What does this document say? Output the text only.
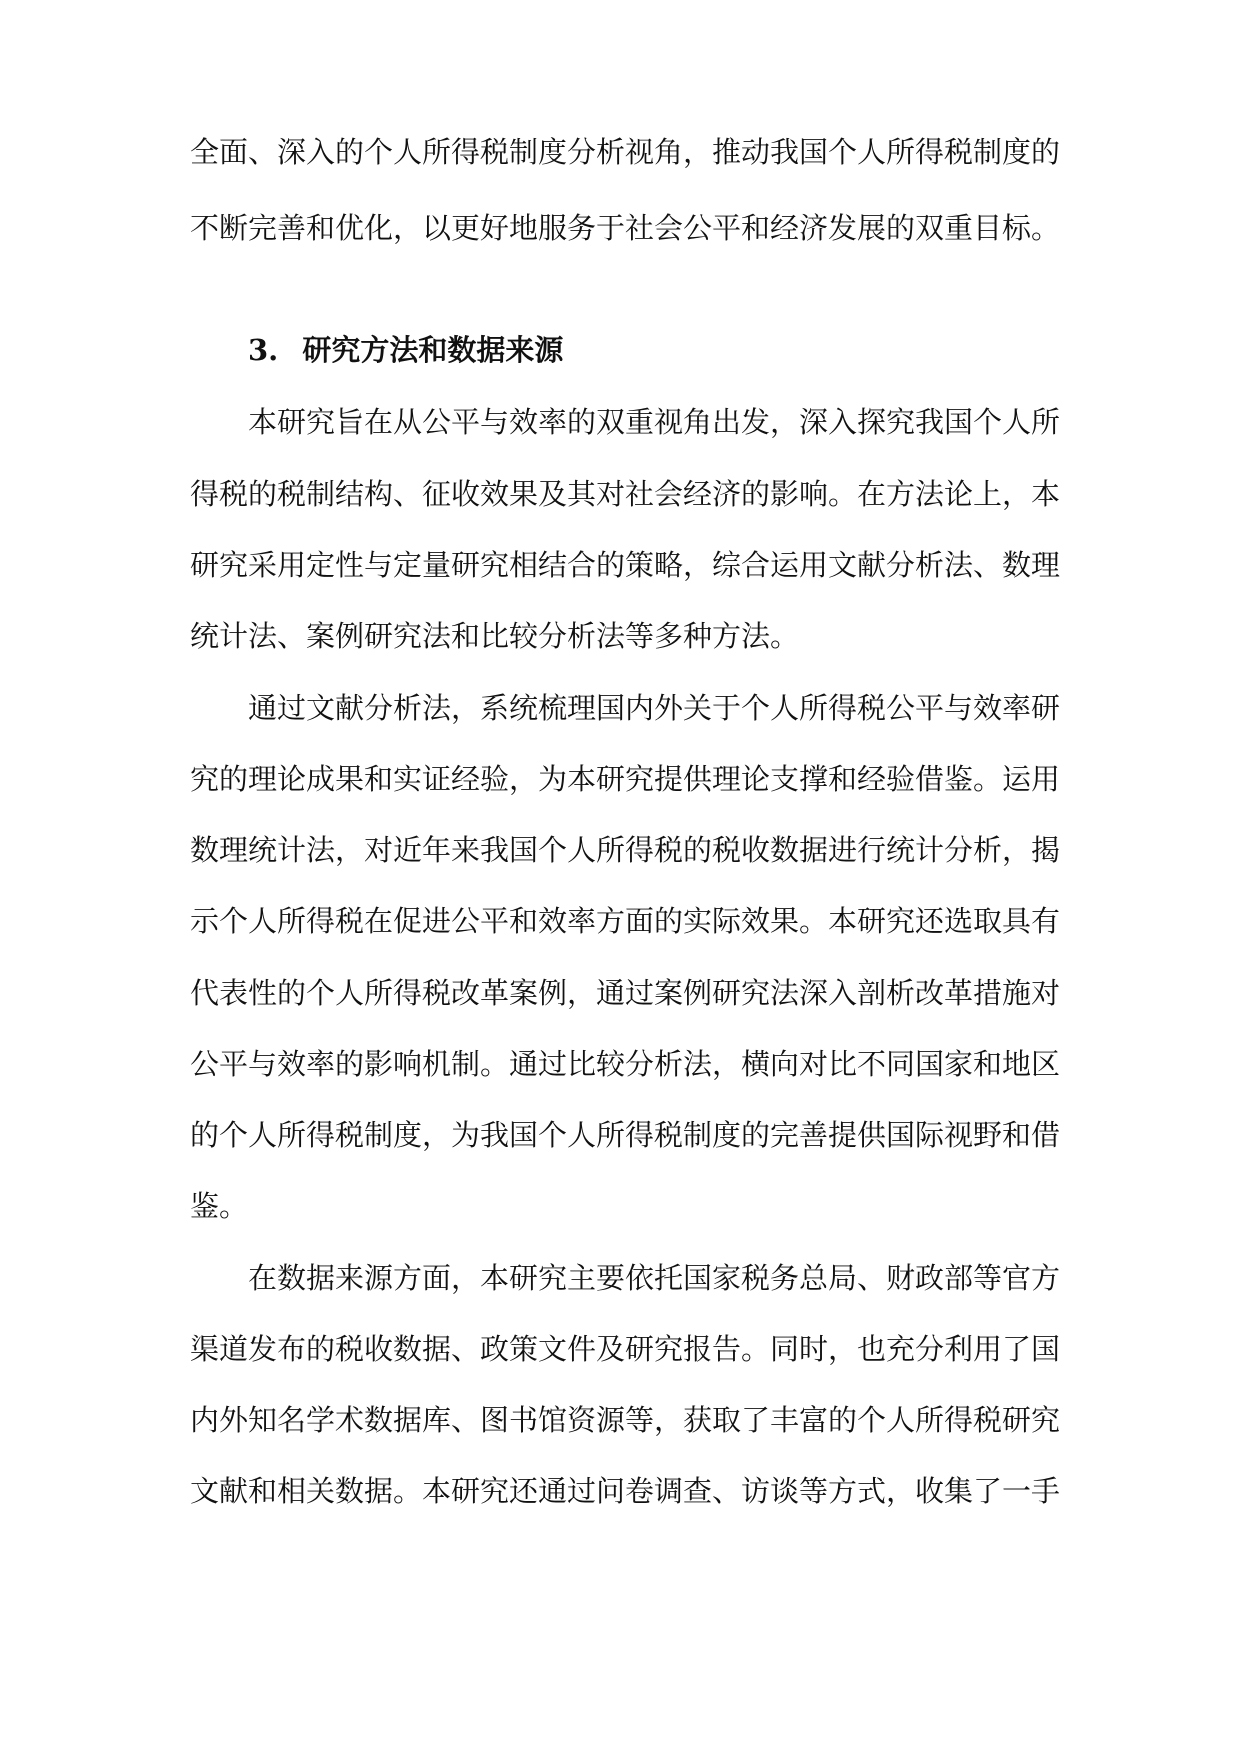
全面、深入的个人所得税制度分析视角，推动我国个人所得税制度的
不断完善和优化，以更好地服务于社会公平和经济发展的双重目标。
3. 研究方法和数据来源
本研究旨在从公平与效率的双重视角出发，深入探究我国个人所
得税的税制结构、征收效果及其对社会经济的影响。在方法论上，本
研究采用定性与定量研究相结合的策略，综合运用文献分析法、数理
统计法、案例研究法和比较分析法等多种方法。
通过文献分析法，系统梳理国内外关于个人所得税公平与效率研
究的理论成果和实证经验，为本研究提供理论支撑和经验借鉴。运用
数理统计法，对近年来我国个人所得税的税收数据进行统计分析，揭
示个人所得税在促进公平和效率方面的实际效果。本研究还选取具有
代表性的个人所得税改革案例，通过案例研究法深入剖析改革措施对
公平与效率的影响机制。通过比较分析法，横向对比不同国家和地区
的个人所得税制度，为我国个人所得税制度的完善提供国际视野和借
鉴。
在数据来源方面，本研究主要依托国家税务总局、财政部等官方
渠道发布的税收数据、政策文件及研究报告。同时，也充分利用了国
内外知名学术数据库、图书馆资源等，获取了丰富的个人所得税研究
文献和相关数据。本研究还通过问卷调查、访谈等方式，收集了一手
